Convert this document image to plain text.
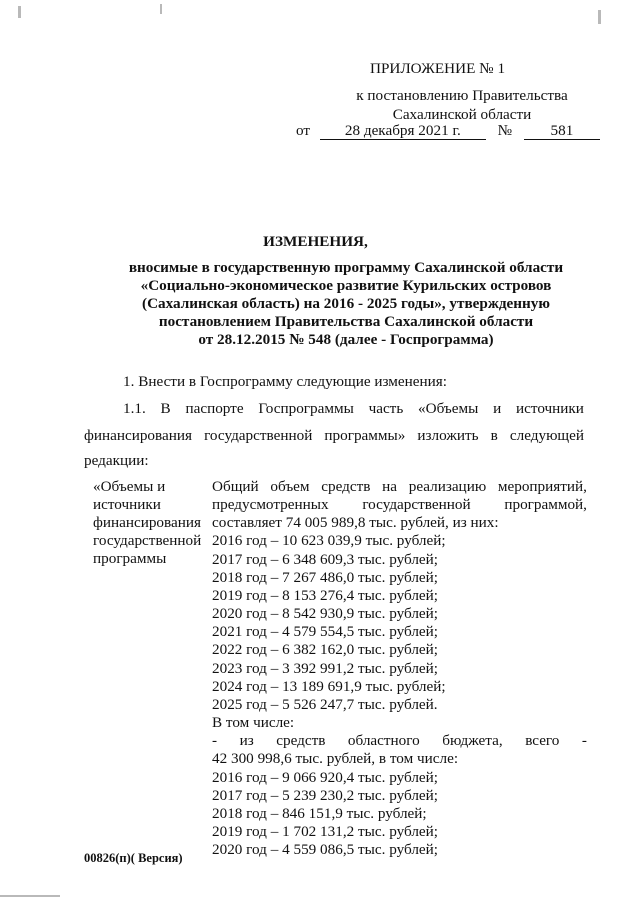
ПРИЛОЖЕНИЕ № 1
к постановлению Правительства
Сахалинской области
от 28 декабря 2021 г. №	581
ИЗМЕНЕНИЯ,
вносимые в государственную программу Сахалинской области
«Социально-экономическое развитие Курильских островов
(Сахалинская область) на 2016 - 2025 годы», утвержденную
постановлением Правительства Сахалинской области
от 28.12.2015 № 548 (далее - Госпрограмма)
1. Внести в Госпрограмму следующие изменения:
1.1. В паспорте Госпрограммы часть «Объемы и источники
финансирования государственной программы» изложить в следующей
редакции:
«Объемы и
источники
финансирования
государственной
программы
Общий объем средств на реализацию мероприятий,
предусмотренных государственной программой,
составляет 74 005 989,8 тыс. рублей, из них:
2016 год – 10 623 039,9 тыс. рублей;
2017 год – 6 348 609,3 тыс. рублей;
2018 год – 7 267 486,0 тыс. рублей;
2019 год – 8 153 276,4 тыс. рублей;
2020 год – 8 542 930,9 тыс. рублей;
2021 год – 4 579 554,5 тыс. рублей;
2022 год – 6 382 162,0 тыс. рублей;
2023 год – 3 392 991,2 тыс. рублей;
2024 год – 13 189 691,9 тыс. рублей;
2025 год – 5 526 247,7 тыс. рублей.
В том числе:
- из средств областного бюджета, всего -
42 300 998,6 тыс. рублей, в том числе:
2016 год – 9 066 920,4 тыс. рублей;
2017 год – 5 239 230,2 тыс. рублей;
2018 год – 846 151,9 тыс. рублей;
2019 год – 1 702 131,2 тыс. рублей;
2020 год – 4 559 086,5 тыс. рублей;
00826(п)( Версия)
